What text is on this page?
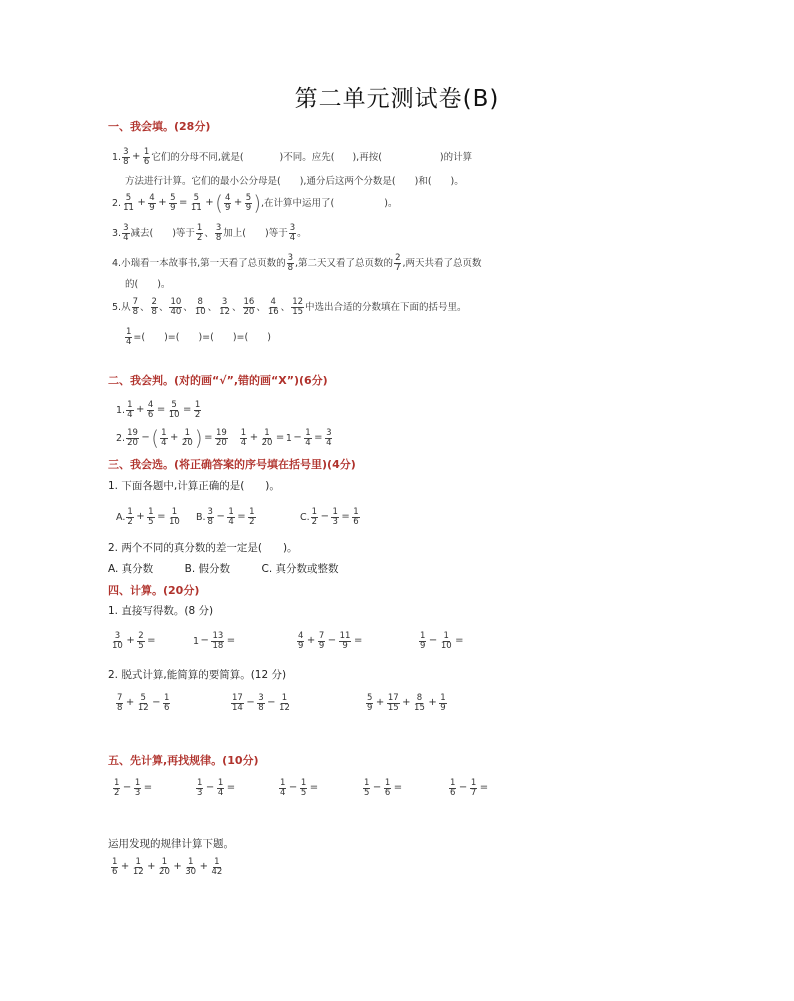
第二单元测试卷(B)
一、我会填。(28分)
1. $\frac{3}{8} + \frac{1}{6}$ 它们的分母不同,就是(	)不同。应先( ),再按(	)的计算
方法进行计算。它们的最小公分母是(　　),通分后这两个分数是(　　)和(　　)。
2. $\frac{5}{11} + \frac{4}{9} + \frac{5}{9} = \frac{5}{11}$ + ( $\frac{4}{9} + \frac{5}{9}$ ) ,在计算中运用了(	)。
3. $\frac{3}{4}$ 减去(　　)等于 $\frac{1}{2}$ 、 $\frac{3}{8}$ 加上(　　)等于 $\frac{3}{4}$ 。
4. 小瑞看一本故事书,第一天看了总页数的 $\frac{3}{8}$ ,第二天又看了总页数的 $\frac{2}{7}$ ,两天共看了总页数
的(　　)。
5. 从 $\frac{7}{8}$ 、 $\frac{2}{8}$ 、 $\frac{10}{40}$ 、 $\frac{8}{10}$ 、 $\frac{3}{12}$ 、 $\frac{16}{20}$ 、 $\frac{4}{16}$ 、 $\frac{12}{15}$ 中选出合适的分数填在下面的括号里。
$\frac{1}{4}$ =(　　)=(　　)=(　　)=(　　)
二、我会判。(对的画“√”,错的画“X”)(6分)
1. $\frac{1}{4} + \frac{4}{6} = \frac{5}{10} = \frac{1}{2}$
2. $\frac{19}{20}$ − ( $\frac{1}{4} + \frac{1}{20}$ ) = $\frac{19}{20} \frac{1}{4} + \frac{1}{20} = 1 - \frac{1}{4} = \frac{3}{4}$
三、我会选。(将正确答案的序号填在括号里)(4分)
1. 下面各题中,计算正确的是(　　)。
A. $\frac{1}{2} + \frac{1}{5} = \frac{1}{10} B$. $\frac{3}{8} - \frac{1}{4} = \frac{1}{2}$	C. $\frac{1}{2} - \frac{1}{3} = \frac{1}{6}$
2. 两个不同的真分数的差一定是(　　)。
A. 真分数　　　B. 假分数　　　C. 真分数或整数
四、计算。(20分)
1. 直接写得数。(8 分)
$\frac{3}{10} + \frac{2}{5}$ =	$1 - \frac{13}{18}$ =	$\frac{4}{9} + \frac{7}{9} - \frac{11}{9}$ =	$\frac{1}{9} - \frac{1}{10}$ =
2. 脱式计算,能简算的要简算。(12 分)
$\frac{7}{8} + \frac{5}{12} - \frac{1}{6}$	$\frac{17}{14} - \frac{3}{8} - \frac{1}{12}$	$\frac{5}{9} + \frac{17}{15} + \frac{8}{15} + \frac{1}{9}$
五、先计算,再找规律。(10分)
$\frac{1}{2} - \frac{1}{3}$ =	$\frac{1}{3} - \frac{1}{4}$ =	$\frac{1}{4} - \frac{1}{5}$ =	$\frac{1}{5} - \frac{1}{6}$ =	$\frac{1}{6} - \frac{1}{7}$ =
运用发现的规律计算下题。
$\frac{1}{6} + \frac{1}{12} + \frac{1}{20} + \frac{1}{30} + \frac{1}{42}$
